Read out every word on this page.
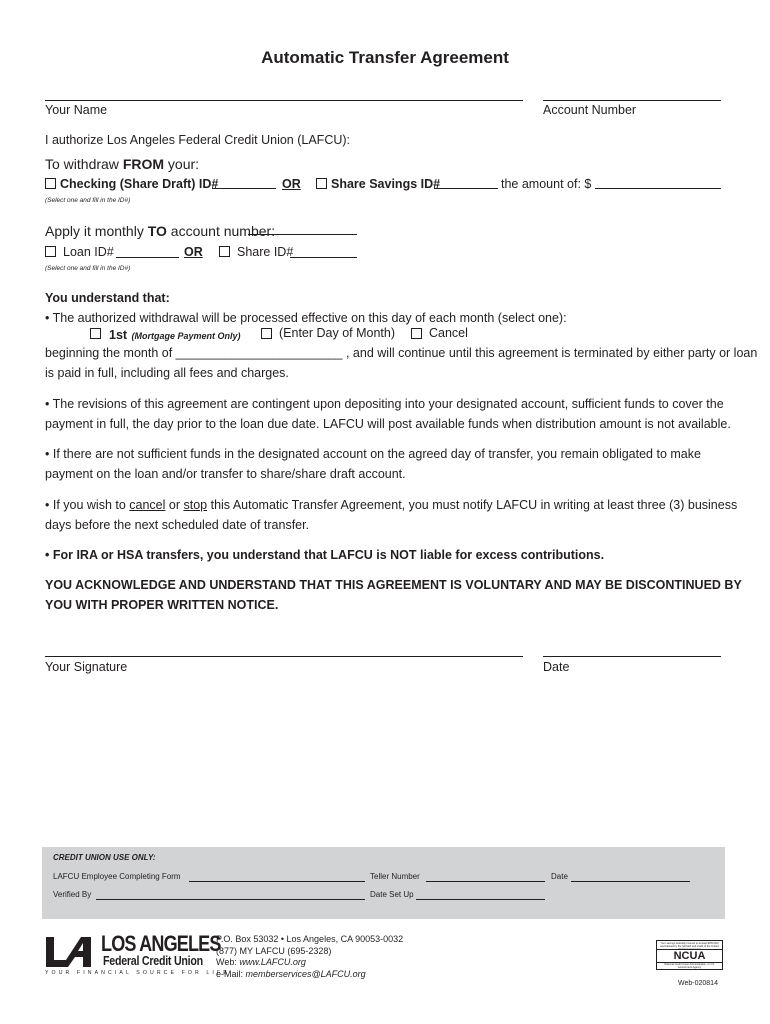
Automatic Transfer Agreement
Your Name	Account Number
I authorize Los Angeles Federal Credit Union (LAFCU):
To withdraw FROM your:
Checking (Share Draft) ID#	OR Share Savings ID#	the amount of: $
(Select one and fill in the ID#)
Apply it monthly TO account number:
Loan ID#	OR	Share ID#
(Select one and fill in the ID#)
You understand that:
• The authorized withdrawal will be processed effective on this day of each month (select one):
1st (Mortgage Payment Only)	(Enter Day of Month)	Cancel
beginning the month of ________________________ , and will continue until this agreement is terminated by either party or loan
is paid in full, including all fees and charges.
• The revisions of this agreement are contingent upon depositing into your designated account, sufficient funds to cover the
payment in full, the day prior to the loan due date. LAFCU will post available funds when distribution amount is not available.
• If there are not sufficient funds in the designated account on the agreed day of transfer, you remain obligated to make
payment on the loan and/or transfer to share/share draft account.
• If you wish to cancel or stop this Automatic Transfer Agreement, you must notify LAFCU in writing at least three (3) business
days before the next scheduled date of transfer.
• For IRA or HSA transfers, you understand that LAFCU is NOT liable for excess contributions.
YOU ACKNOWLEDGE AND UNDERSTAND THAT THIS AGREEMENT IS VOLUNTARY AND MAY BE DISCONTINUED BY
YOU WITH PROPER WRITTEN NOTICE.
Your Signature	Date
CREDIT UNION USE ONLY:
LAFCU Employee Completing Form	Teller Number	Date
Verified By	Date Set Up
LOS ANGELES
Federal Credit Union
YOUR FINANCIAL SOURCE FOR LIFE
P.O. Box 53032 • Los Angeles, CA 90053-0032
(877) MY LAFCU (695-2328)
Web: www.LAFCU.org
e-Mail: memberservices@LAFCU.org
Your savings federally insured to at least $250,000 and backed by the full faith and credit of the United
NCUA
National Credit Union Administration, a U.S. Government Agency
Web-020814
